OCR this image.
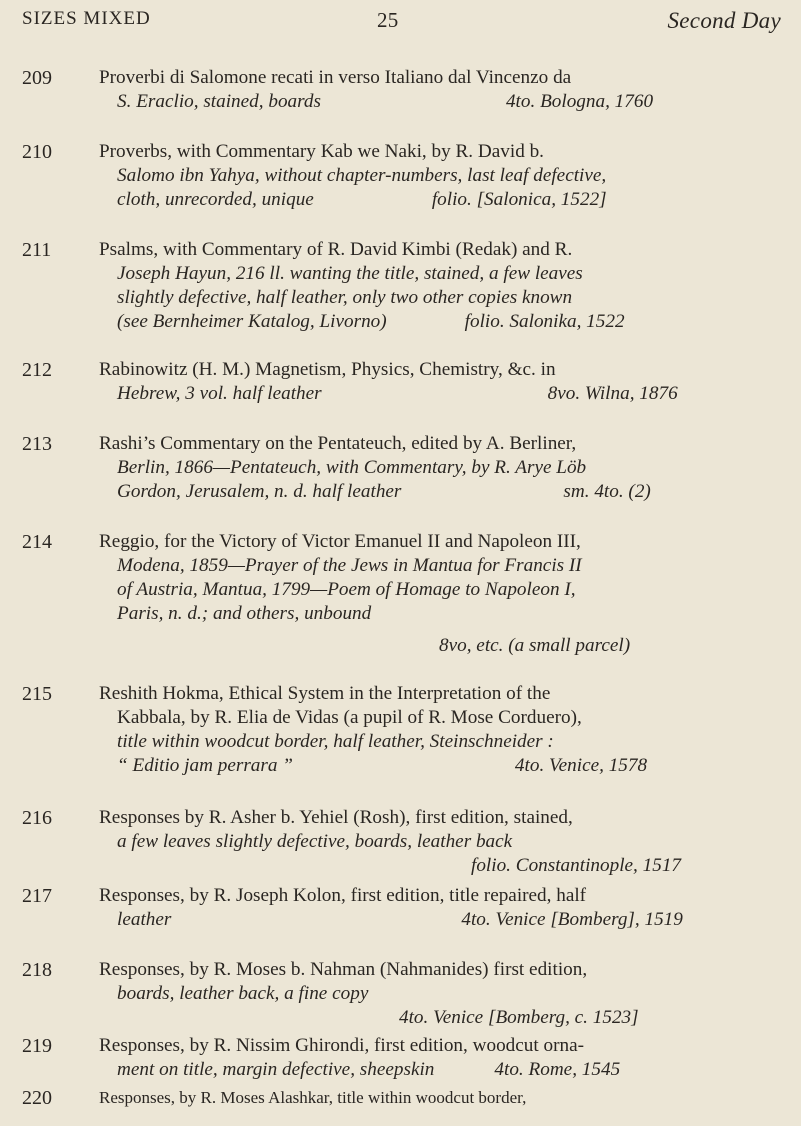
SIZES MIXED	25	Second Day
209	Proverbi di Salomone recati in verso Italiano dal Vincenzo da
S. Eraclio, stained, boards	4to. Bologna, 1760
210	Proverbs, with Commentary Kab we Naki, by R. David b.
Salomo ibn Yahya, without chapter-numbers, last leaf defective,
cloth, unrecorded, unique	folio. [Salonica, 1522]
211	Psalms, with Commentary of R. David Kimbi (Redak) and R.
Joseph Hayun, 216 ll. wanting the title, stained, a few leaves
slightly defective, half leather, only two other copies known
(see Bernheimer Katalog, Livorno)	folio. Salonika, 1522
212	Rabinowitz (H. M.) Magnetism, Physics, Chemistry, &c. in
Hebrew, 3 vol. half leather	8vo. Wilna, 1876
213	Rashi’s Commentary on the Pentateuch, edited by A. Berliner,
Berlin, 1866—Pentateuch, with Commentary, by R. Arye Löb
Gordon, Jerusalem, n. d. half leather	sm. 4to. (2)
214	Reggio, for the Victory of Victor Emanuel II and Napoleon III,
Modena, 1859—Prayer of the Jews in Mantua for Francis II
of Austria, Mantua, 1799—Poem of Homage to Napoleon I,
Paris, n. d.; and others, unbound
8vo, etc. (a small parcel)
215	Reshith Hokma, Ethical System in the Interpretation of the
Kabbala, by R. Elia de Vidas (a pupil of R. Mose Corduero),
title within woodcut border, half leather, Steinschneider :
“ Editio jam perrara ”	4to. Venice, 1578
216	Responses by R. Asher b. Yehiel (Rosh), first edition, stained,
a few leaves slightly defective, boards, leather back
folio. Constantinople, 1517
217	Responses, by R. Joseph Kolon, first edition, title repaired, half
leather	4to. Venice [Bomberg], 1519
218	Responses, by R. Moses b. Nahman (Nahmanides) first edition,
boards, leather back, a fine copy
4to. Venice [Bomberg, c. 1523]
219	Responses, by R. Nissim Ghirondi, first edition, woodcut orna-
ment on title, margin defective, sheepskin	4to. Rome, 1545
220	Responses, by R. Moses Alashkar, title within woodcut border,
